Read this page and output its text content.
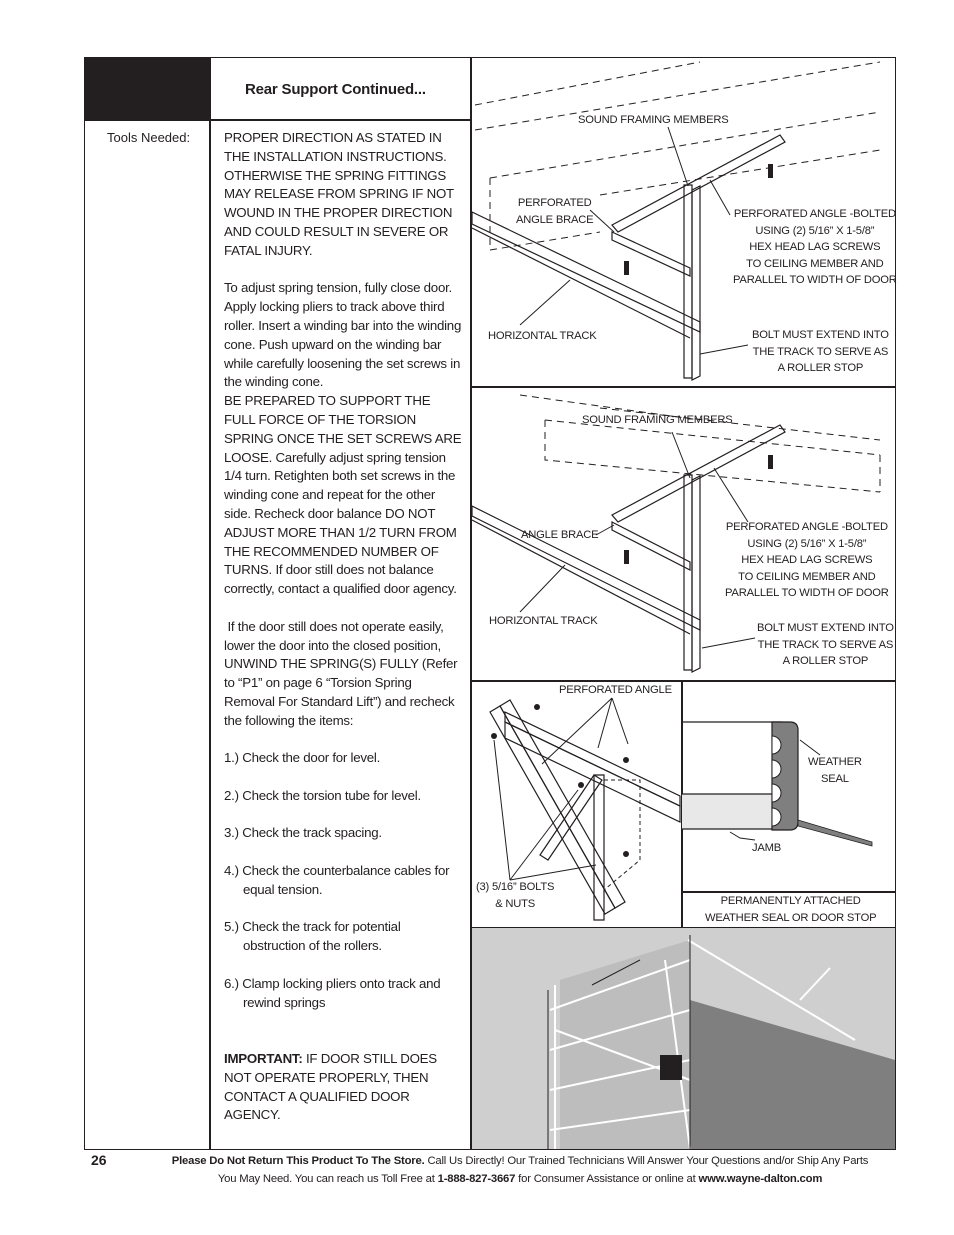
Rear Support Continued...
Tools Needed:	PROPER DIRECTION AS STATED IN THE INSTALLATION INSTRUCTIONS. OTHERWISE THE SPRING FITTINGS MAY RELEASE FROM SPRING IF NOT WOUND IN THE PROPER DIRECTION AND COULD RESULT IN SEVERE OR FATAL INJURY.

To adjust spring tension, fully close door. Apply locking pliers to track above third roller. Insert a winding bar into the winding cone. Push upward on the winding bar while carefully loosening the set screws in the winding cone.

BE PREPARED TO SUPPORT THE FULL FORCE OF THE TORSION SPRING ONCE THE SET SCREWS ARE LOOSE. Carefully adjust spring tension 1/4 turn. Retighten both set screws in the winding cone and repeat for the other side. Recheck door balance DO NOT ADJUST MORE THAN 1/2 TURN FROM THE RECOMMENDED NUMBER OF TURNS. If door still does not balance correctly, contact a qualified door agency.

If the door still does not operate easily, lower the door into the closed position, UNWIND THE SPRING(S) FULLY (Refer to “P1” on page 6 “Torsion Spring Removal For Standard Lift”) and recheck the following the items:

1.) Check the door for level.

2.) Check the torsion tube for level.

3.) Check the track spacing.

4.) Check the counterbalance cables for

equal tension.

5.) Check the track for potential

obstruction of the rollers.

6.) Clamp locking pliers onto track and

rewind springs

IMPORTANT: IF DOOR STILL DOES NOT OPERATE PROPERLY, THEN CONTACT A QUALIFIED DOOR AGENCY.

SOUND FRAMING MEMBERS
PERFORATED
ANGLE BRACE	PERFORATED ANGLE -BOLTED
USING (2) 5/16” X 1-5/8”
HEX HEAD LAG SCREWS
TO CEILING MEMBER AND
PARALLEL TO WIDTH OF DOOR
HORIZONTAL TRACK	BOLT MUST EXTEND INTO
THE TRACK TO SERVE AS
A ROLLER STOP
SOUND FRAMING MEMBERS
ANGLE BRACE
PERFORATED ANGLE -BOLTED
USING (2) 5/16” X 1-5/8”
HEX HEAD LAG SCREWS
TO CEILING MEMBER AND
PARALLEL TO WIDTH OF DOOR
HORIZONTAL TRACK
BOLT MUST EXTEND INTO
THE TRACK TO SERVE AS
A ROLLER STOP
PERFORATED ANGLE
(3) 5/16” BOLTS
& NUTS
WEATHER
SEAL
JAMB
PERMANENTLY ATTACHED
WEATHER SEAL OR DOOR STOP
26	Please Do Not Return This Product To The Store. Call Us Directly! Our Trained Technicians Will Answer Your Questions and/or Ship Any Parts
You May Need. You can reach us Toll Free at 1-888-827-3667 for Consumer Assistance or online at www.wayne-dalton.com
